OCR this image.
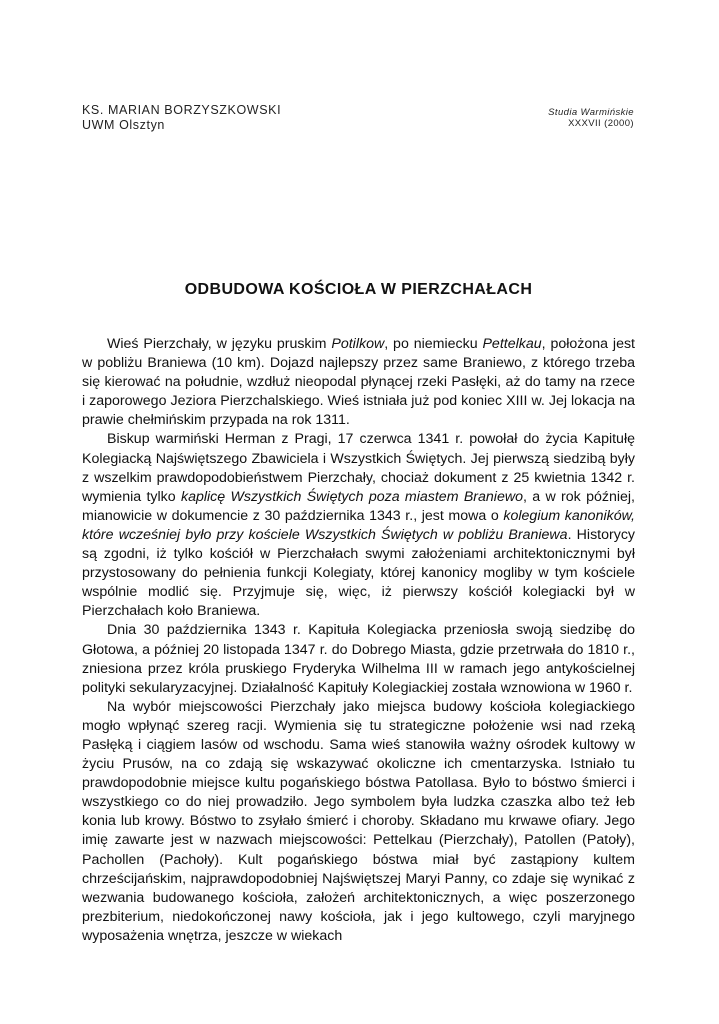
KS. MARIAN BORZYSZKOWSKI
UWM Olsztyn
Studia Warmińskie
XXXVII (2000)
ODBUDOWA KOŚCIOŁA W PIERZCHAŁACH

Wieś Pierzchały, w języku pruskim Potilkow, po niemiecku Pettelkau, położona jest w pobliżu Braniewa (10 km). Dojazd najlepszy przez same Braniewo, z którego trzeba się kierować na południe, wzdłuż nieopodal płynącej rzeki Pasłęki, aż do tamy na rzece i zaporowego Jeziora Pierzchalskiego. Wieś istniała już pod koniec XIII w. Jej lokacja na prawie chełmińskim przypada na rok 1311.

Biskup warmiński Herman z Pragi, 17 czerwca 1341 r. powołał do życia Kapitułę Kolegiacką Najświętszego Zbawiciela i Wszystkich Świętych. Jej pierwszą siedzibą były z wszelkim prawdopodobieństwem Pierzchały, chociaż dokument z 25 kwietnia 1342 r. wymienia tylko kaplicę Wszystkich Świętych poza miastem Braniewo, a w rok później, mianowicie w dokumencie z 30 października 1343 r., jest mowa o kolegium kanoników, które wcześniej było przy kościele Wszystkich Świętych w pobliżu Braniewa. Historycy są zgodni, iż tylko kościół w Pierzchałach swymi założeniami architektonicznymi był przystosowany do pełnienia funkcji Kolegiaty, której kanonicy mogliby w tym kościele wspólnie modlić się. Przyjmuje się, więc, iż pierwszy kościół kolegiacki był w Pierzchałach koło Braniewa.

Dnia 30 października 1343 r. Kapituła Kolegiacka przeniosła swoją siedzibę do Głotowa, a później 20 listopada 1347 r. do Dobrego Miasta, gdzie przetrwała do 1810 r., zniesiona przez króla pruskiego Fryderyka Wilhelma III w ramach jego antykościelnej polityki sekularyzacyjnej. Działalność Kapituły Kolegiackiej została wznowiona w 1960 r.

Na wybór miejscowości Pierzchały jako miejsca budowy kościoła kolegiackiego mogło wpłynąć szereg racji. Wymienia się tu strategiczne położenie wsi nad rzeką Pasłęką i ciągiem lasów od wschodu. Sama wieś stanowiła ważny ośrodek kultowy w życiu Prusów, na co zdają się wskazywać okoliczne ich cmentarzyska. Istniało tu prawdopodobnie miejsce kultu pogańskiego bóstwa Patollasa. Było to bóstwo śmierci i wszystkiego co do niej prowadziło. Jego symbolem była ludzka czaszka albo też łeb konia lub krowy. Bóstwo to zsyłało śmierć i choroby. Składano mu krwawe ofiary. Jego imię zawarte jest w nazwach miejscowości: Pettelkau (Pierzchały), Patollen (Patoły), Pachollen (Pachoły). Kult pogańskiego bóstwa miał być zastąpiony kultem chrześcijańskim, najprawdopodobniej Najświętszej Maryi Panny, co zdaje się wynikać z wezwania budowanego kościoła, założeń architektonicznych, a więc poszerzonego prezbiterium, niedokończonej nawy kościoła, jak i jego kultowego, czyli maryjnego wyposażenia wnętrza, jeszcze w wiekach
